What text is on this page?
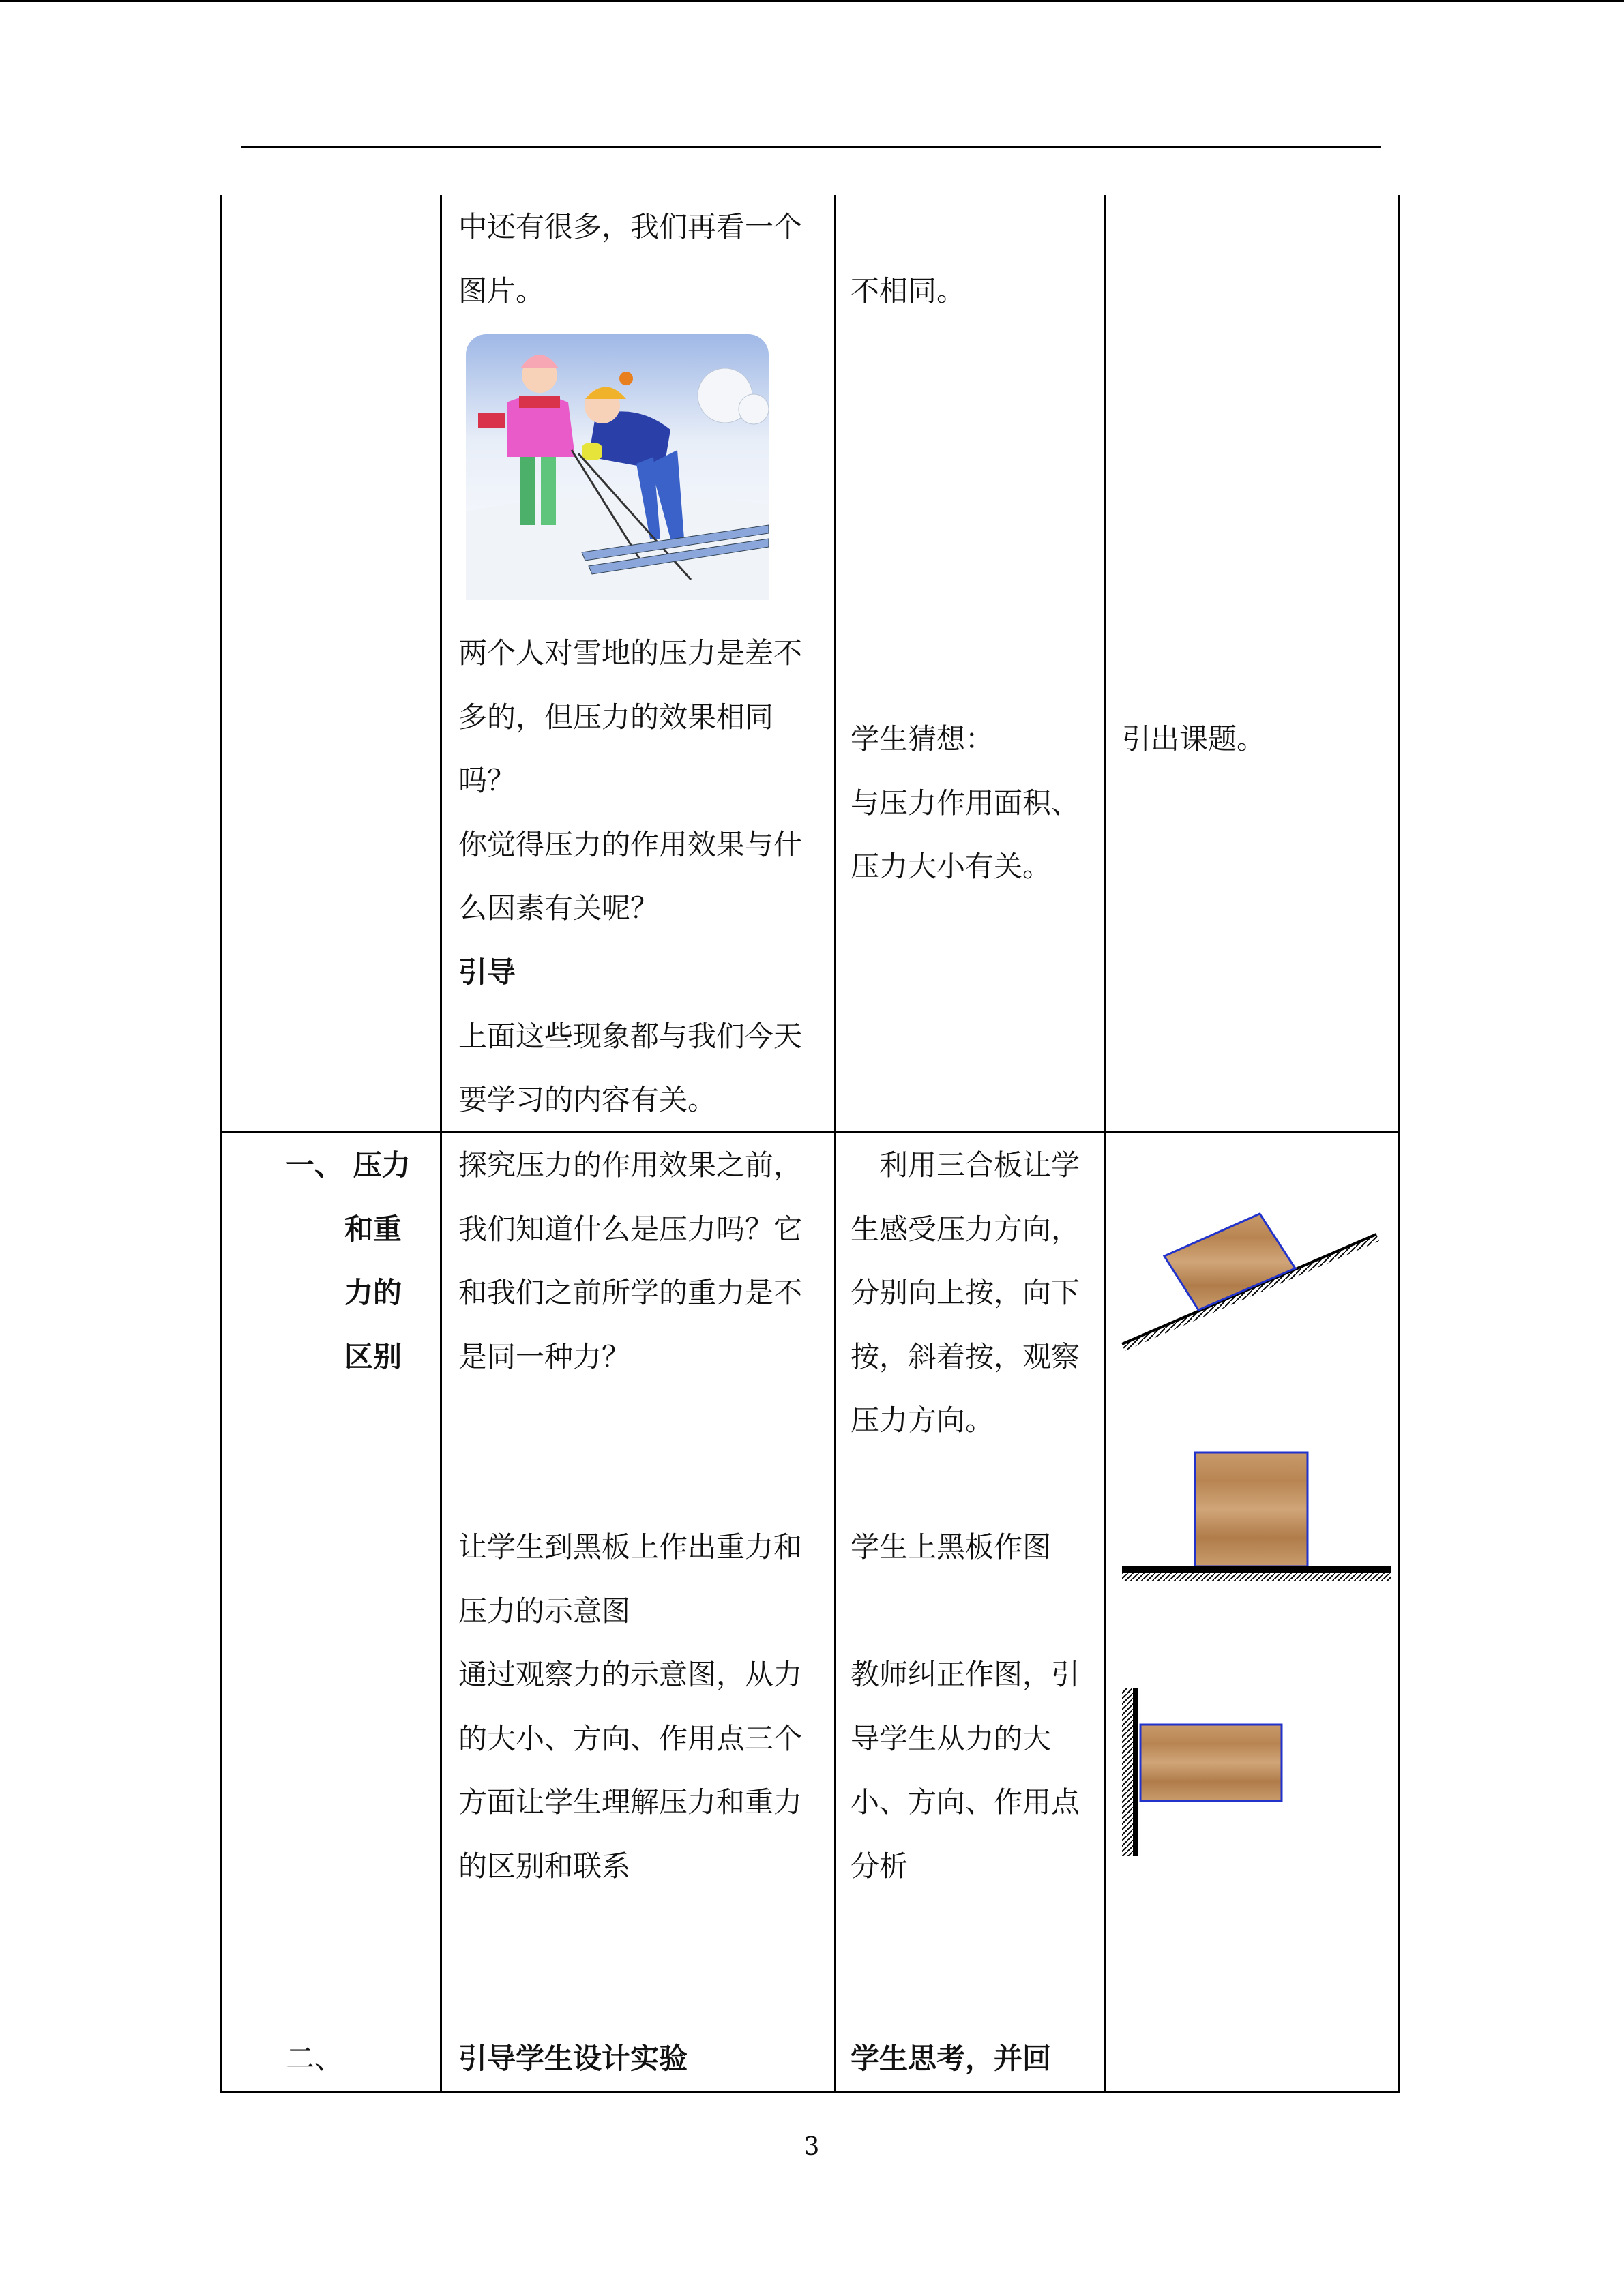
中还有很多，我们再看一个
图片。
两个人对雪地的压力是差不
多的，但压力的效果相同
吗？
你觉得压力的作用效果与什
么因素有关呢？
引导
上面这些现象都与我们今天
要学习的内容有关。
不相同。
学生猜想：
与压力作用面积、
压力大小有关。
引出课题。
一、 压力
和重
力的
区别
探究压力的作用效果之前，
我们知道什么是压力吗？它
和我们之前所学的重力是不
是同一种力？
让学生到黑板上作出重力和
压力的示意图
通过观察力的示意图，从力
的大小、方向、作用点三个
方面让学生理解压力和重力
的区别和联系
　利用三合板让学
生感受压力方向，
分别向上按，向下
按，斜着按，观察
压力方向。
学生上黑板作图
教师纠正作图，引
导学生从力的大
小、方向、作用点
分析
二、	引导学生设计实验	学生思考，并回
3
